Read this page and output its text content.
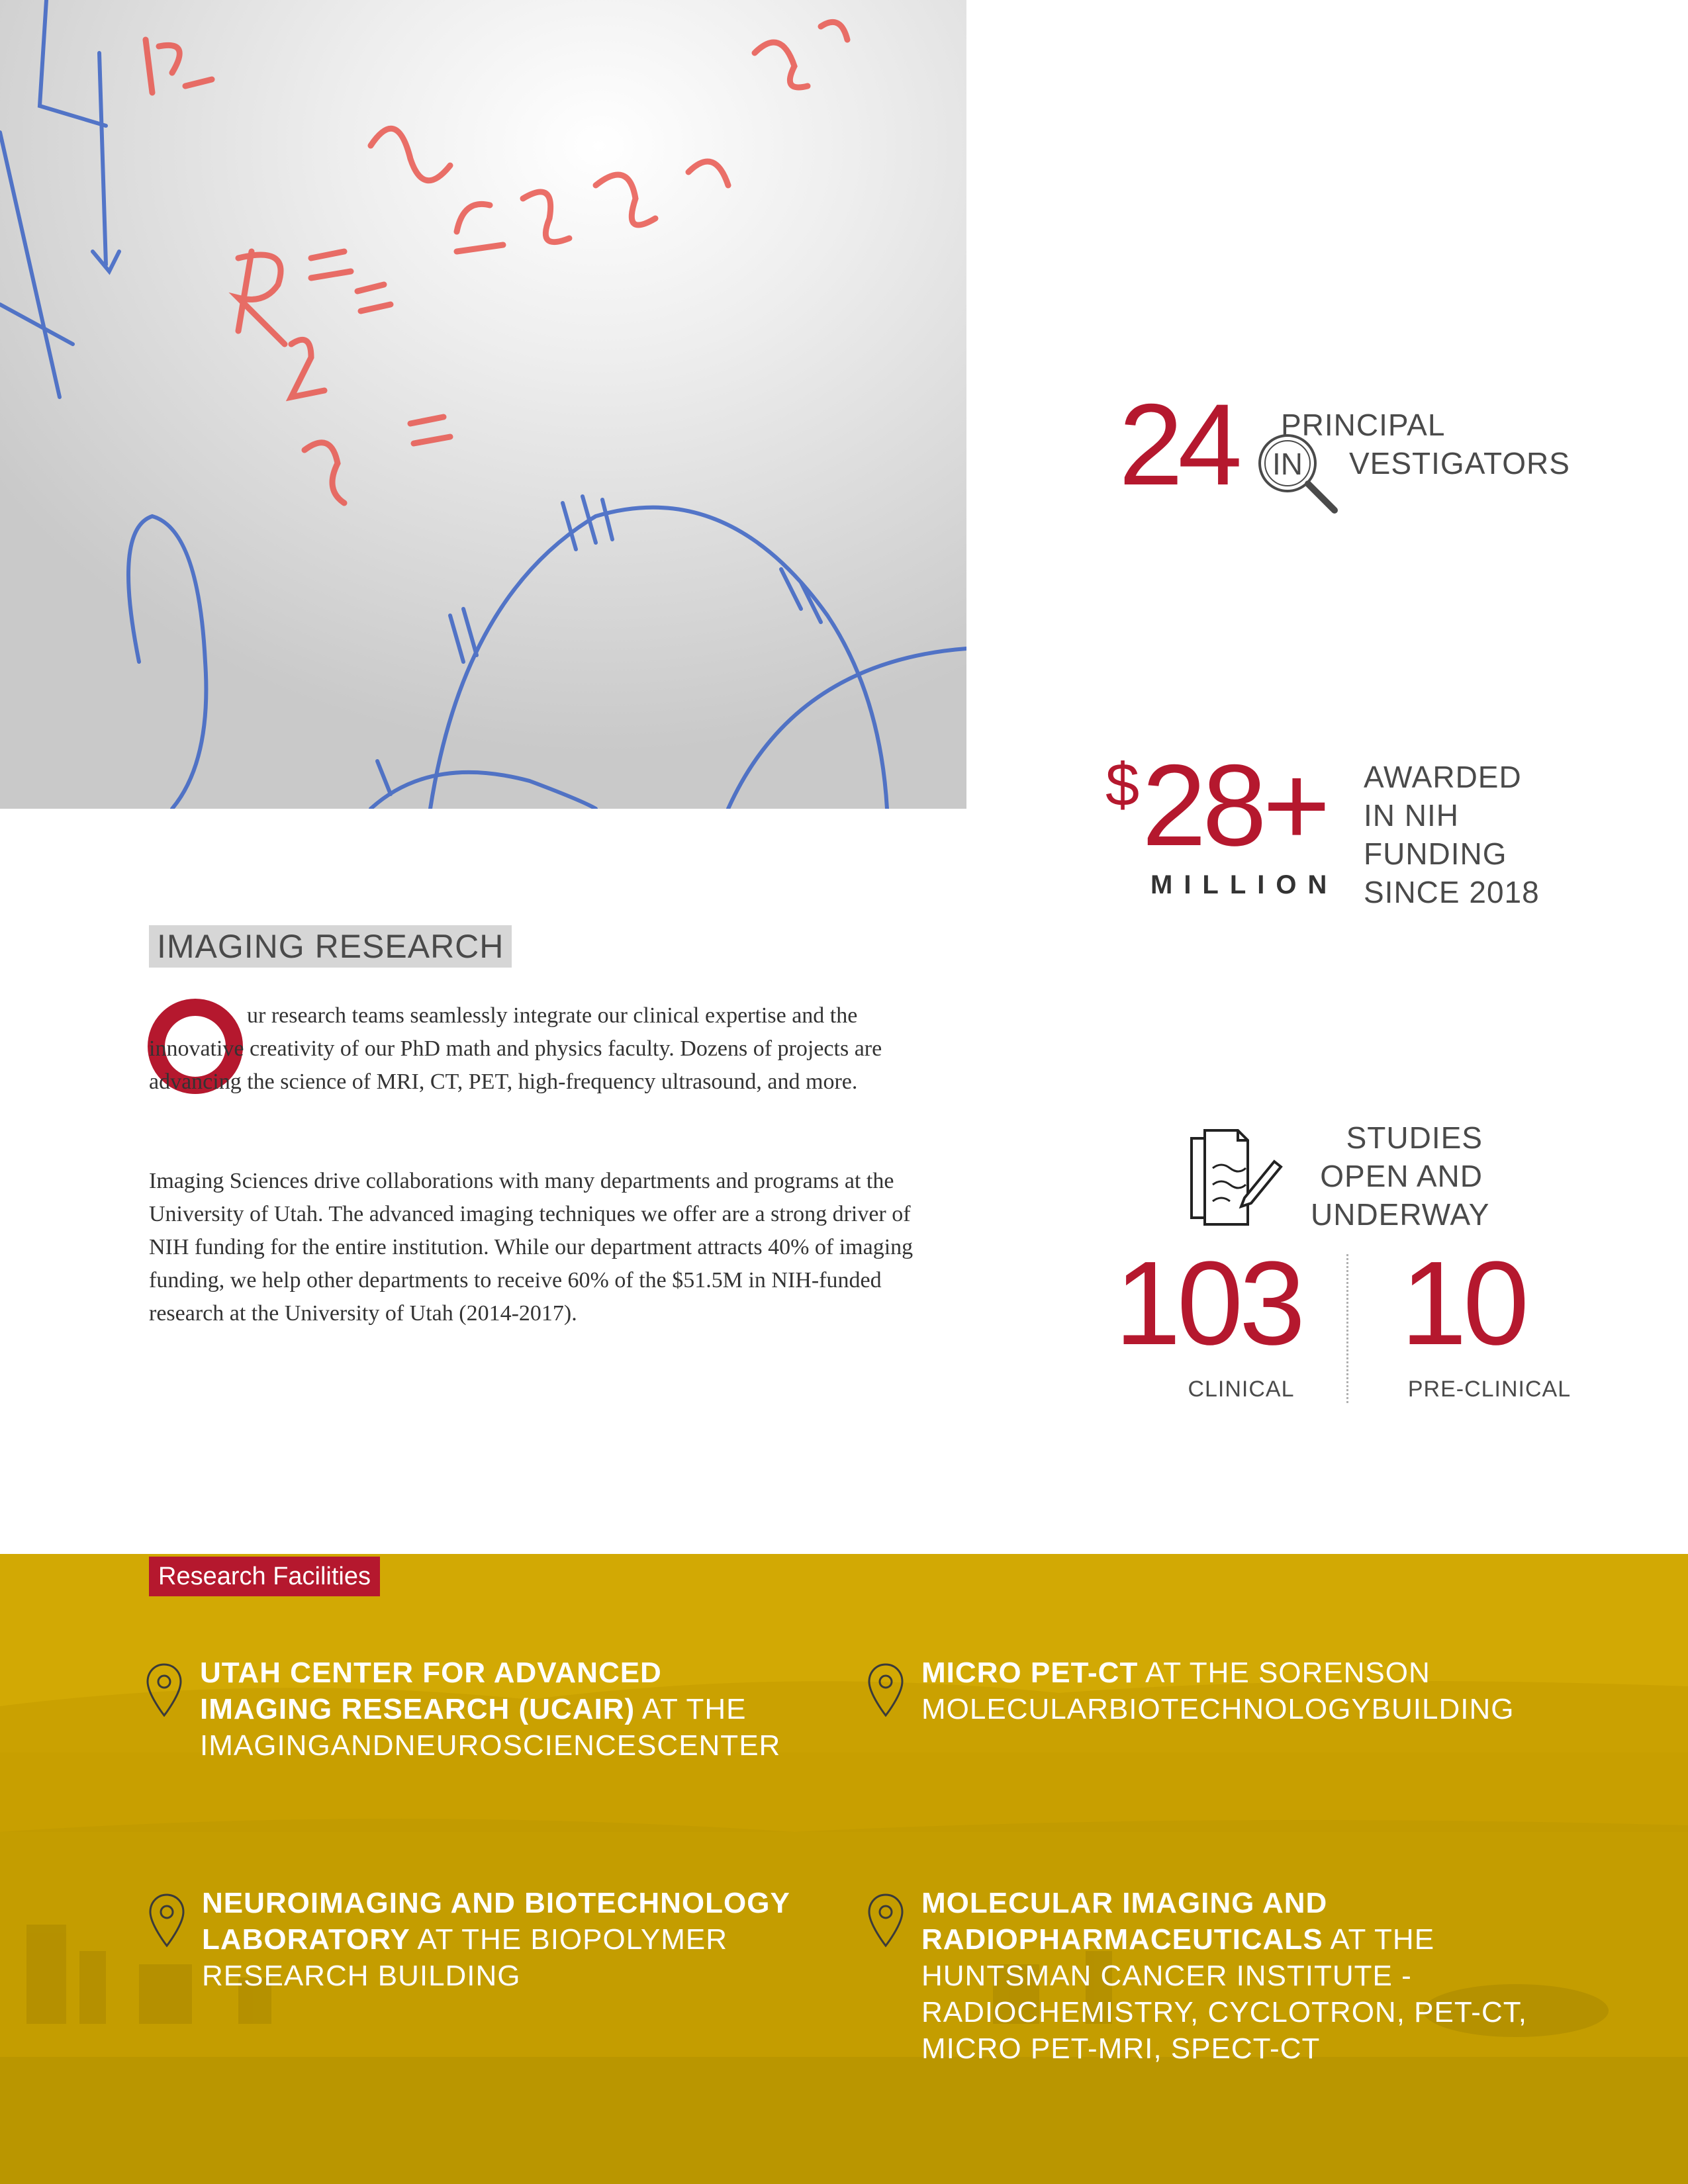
24 PRINCIPAL
IN VESTIGATORS
$ 28+
MILLION
AWARDED
IN NIH
FUNDING
SINCE 2018
STUDIES
OPEN AND
UNDERWAY
103 10
CLINICAL	PRE-CLINICAL
IMAGING RESEARCH
ur research teams seamlessly integrate our clinical expertise and the innovative creativity of our PhD math and physics faculty. Dozens of projects are advancing the science of MRI, CT, PET, high-frequency ultrasound, and more.
Imaging Sciences drive collaborations with many departments and programs at the University of Utah. The advanced imaging techniques we offer are a strong driver of NIH funding for the entire institution. While our department attracts 40% of imaging funding, we help other departments to receive 60% of the $51.5M in NIH-funded research at the University of Utah (2014-2017).
Research Facilities
UTAH CENTER FOR ADVANCED
IMAGING RESEARCH (UCAIR) AT THE
IMAGINGANDNEUROSCIENCESCENTER
MICRO PET-CT AT THE SORENSON
MOLECULARBIOTECHNOLOGYBUILDING
NEUROIMAGING AND BIOTECHNOLOGY
LABORATORY AT THE BIOPOLYMER
RESEARCH BUILDING
MOLECULAR IMAGING AND
RADIOPHARMACEUTICALS AT THE
HUNTSMAN CANCER INSTITUTE -
RADIOCHEMISTRY, CYCLOTRON, PET-CT,
MICRO PET-MRI, SPECT-CT
